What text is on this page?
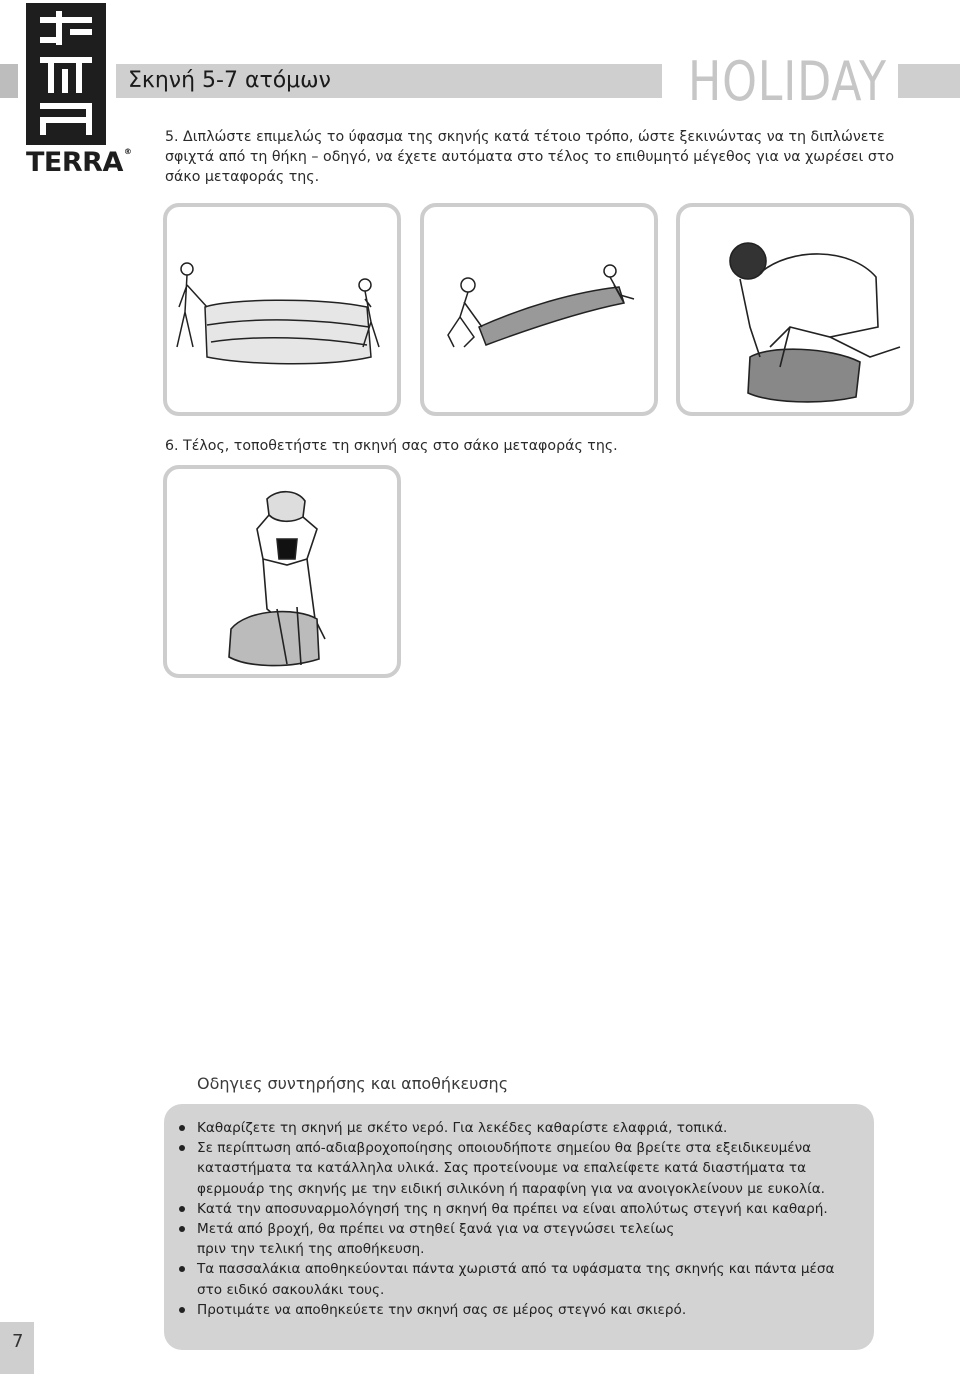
TERRA®
Σκηνή 5-7 ατόμων	HOLIDAY
5. Διπλώστε επιμελώς το ύφασμα της σκηνής κατά τέτοιο τρόπο, ώστε ξεκινώντας να τη διπλώνετε
σφιχτά από τη θήκη – οδηγό, να έχετε αυτόματα στο τέλος το επιθυμητό μέγεθος για να χωρέσει στο
σάκο μεταφοράς της.
6. Τέλος, τοποθετήστε τη σκηνή σας στο σάκο μεταφοράς της.
Οδηγιες συντηρήσης και αποθήκευσης
Καθαρίζετε τη σκηνή με σκέτο νερό. Για λεκέδες καθαρίστε ελαφριά, τοπικά.
Σε περίπτωση από-αδιαβροχοποίησης οποιουδήποτε σημείου θα βρείτε στα εξειδικευμένα καταστήματα τα κατάλληλα υλικά. Σας προτείνουμε να επαλείφετε κατά διαστήματα τα φερμουάρ της σκηνής με την ειδική σιλικόνη ή παραφίνη για να ανοιγοκλείνουν με ευκολία.
Κατά την αποσυναρμολόγησή της η σκηνή θα πρέπει να είναι απολύτως στεγνή και καθαρή.
Μετά από βροχή, θα πρέπει να στηθεί ξανά για να στεγνώσει τελείως πριν την τελική της αποθήκευση.
Τα πασσαλάκια αποθηκεύονται πάντα χωριστά από τα υφάσματα της σκηνής και πάντα μέσα στο ειδικό σακουλάκι τους.
Προτιμάτε να αποθηκεύετε την σκηνή σας σε μέρος στεγνό και σκιερό.
7
